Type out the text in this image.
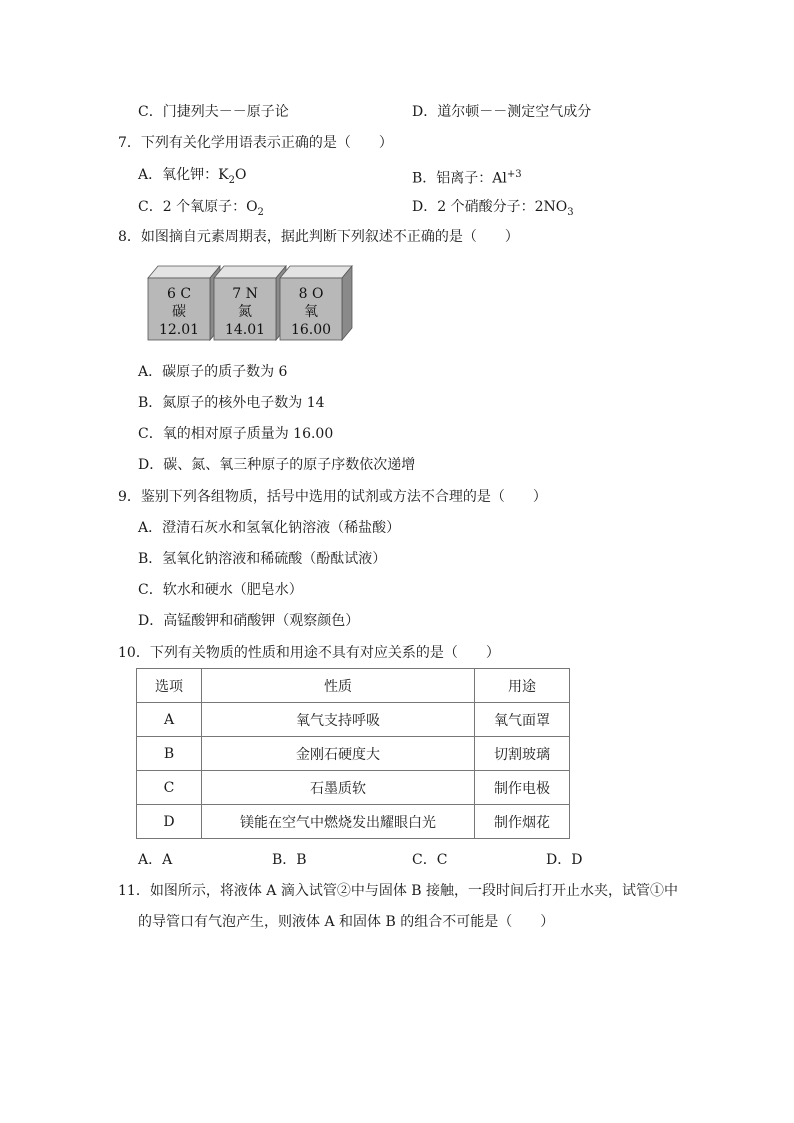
C．门捷列夫－－原子论	D．道尔顿－－测定空气成分
7．下列有关化学用语表示正确的是（　　）
A．氧化钾：$K_2O$	B．铝离子：$Al^{+3}$
C．2 个氧原子：$O_2$	D．2 个硝酸分子：$2NO_3$
8．如图摘自元素周期表，据此判断下列叙述不正确的是（　　）
6 C
碳
12.01
7 N
氮
14.01
8 O
氧
16.00
A．碳原子的质子数为 6
B．氮原子的核外电子数为 14
C．氧的相对原子质量为 16.00
D．碳、氮、氧三种原子的原子序数依次递增
9．鉴别下列各组物质，括号中选用的试剂或方法不合理的是（　　）
A．澄清石灰水和氢氧化钠溶液（稀盐酸）
B．氢氧化钠溶液和稀硫酸（酚酞试液）
C．软水和硬水（肥皂水）
D．高锰酸钾和硝酸钾（观察颜色）
10．下列有关物质的性质和用途不具有对应关系的是（　　）
选项	性质	用途
A	氧气支持呼吸	氧气面罩
B	金刚石硬度大	切割玻璃
C	石墨质软	制作电极
D	镁能在空气中燃烧发出耀眼白光	制作烟花
A．A	B．B	C．C	D．D
11．如图所示，将液体 A 滴入试管②中与固体 B 接触，一段时间后打开止水夹，试管①中
的导管口有气泡产生，则液体 A 和固体 B 的组合不可能是（　　）
